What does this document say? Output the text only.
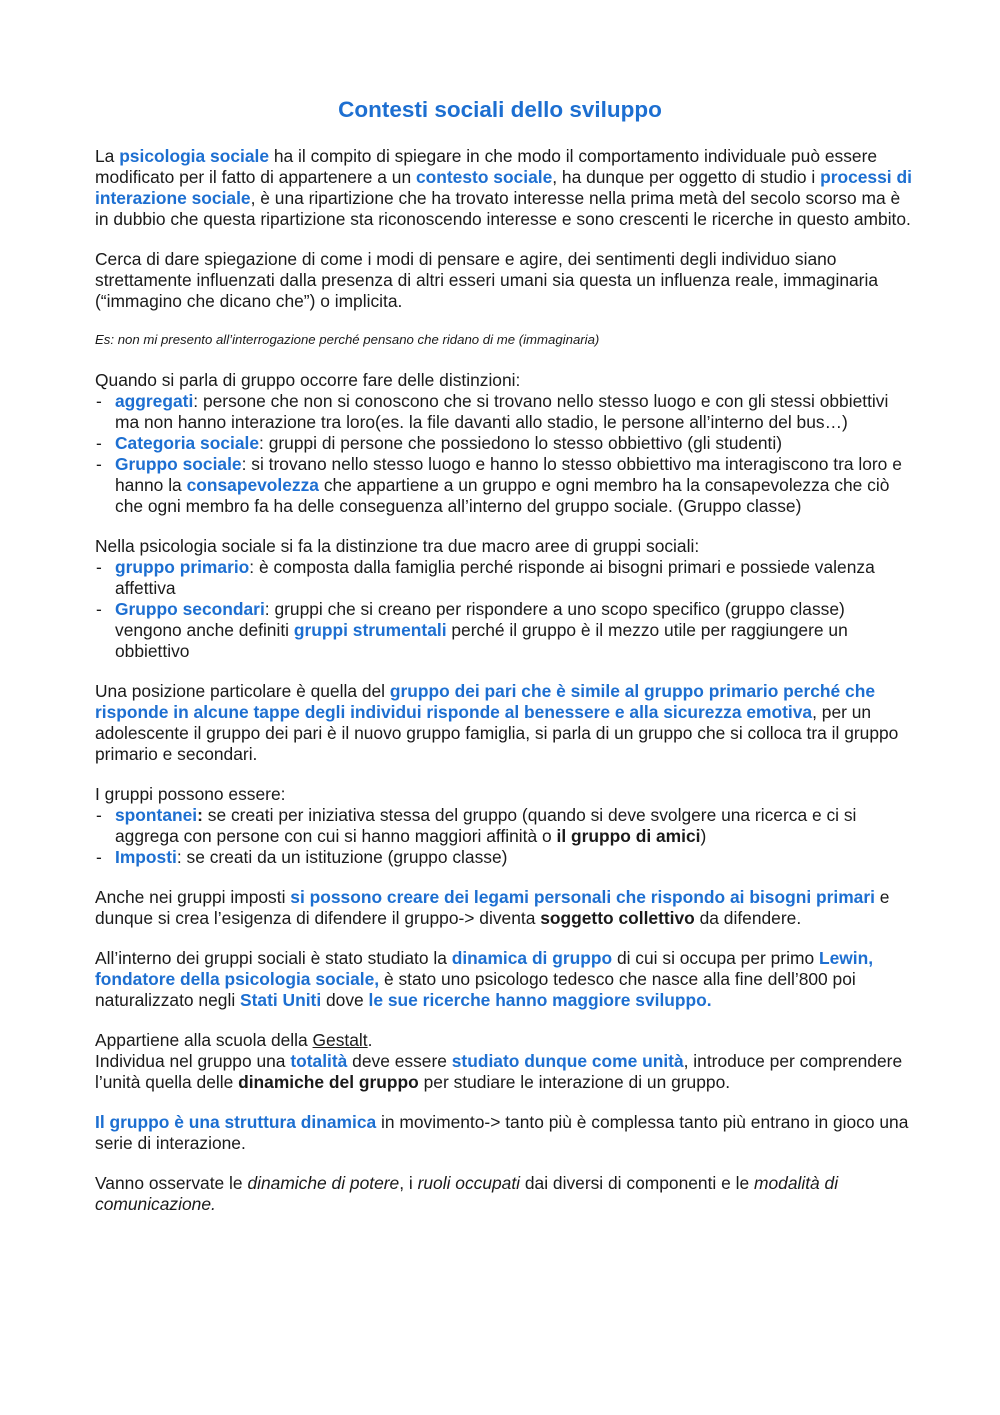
Contesti sociali dello sviluppo

La psicologia sociale ha il compito di spiegare in che modo il comportamento individuale può essere modificato per il fatto di appartenere a un contesto sociale, ha dunque per oggetto di studio i processi di interazione sociale, è una ripartizione che ha trovato interesse nella prima metà del secolo scorso ma è in dubbio che questa ripartizione sta riconoscendo interesse e sono crescenti le ricerche in questo ambito.

Cerca di dare spiegazione di come i modi di pensare e agire, dei sentimenti degli individuo siano strettamente influenzati dalla presenza di altri esseri umani sia questa un influenza reale, immaginaria (“immagino che dicano che”) o implicita.

Es: non mi presento all’interrogazione perché pensano che ridano di me (immaginaria)

Quando si parla di gruppo occorre fare delle distinzioni:

- aggregati: persone che non si conoscono che si trovano nello stesso luogo e con gli stessi obbiettivi ma non hanno interazione tra loro(es. la file davanti allo stadio, le persone all’interno del bus…)
- Categoria sociale: gruppi di persone che possiedono lo stesso obbiettivo (gli studenti)
- Gruppo sociale: si trovano nello stesso luogo e hanno lo stesso obbiettivo ma interagiscono tra loro e hanno la consapevolezza che appartiene a un gruppo e ogni membro ha la consapevolezza che ciò che ogni membro fa ha delle conseguenza all’interno del gruppo sociale. (Gruppo classe)

Nella psicologia sociale si fa la distinzione tra due macro aree di gruppi sociali:

- gruppo primario: è composta dalla famiglia perché risponde ai bisogni primari e possiede valenza affettiva
- Gruppo secondari: gruppi che si creano per rispondere a uno scopo specifico (gruppo classe) vengono anche definiti gruppi strumentali perché il gruppo è il mezzo utile per raggiungere un obbiettivo

Una posizione particolare è quella del gruppo dei pari che è simile al gruppo primario perché che risponde in alcune tappe degli individui risponde al benessere e alla sicurezza emotiva, per un adolescente il gruppo dei pari è il nuovo gruppo famiglia, si parla di un gruppo che si colloca tra il gruppo primario e secondari.

I gruppi possono essere:

- spontanei: se creati per iniziativa stessa del gruppo (quando si deve svolgere una ricerca e ci si aggrega con persone con cui si hanno maggiori affinità o il gruppo di amici)
- Imposti: se creati da un istituzione (gruppo classe)

Anche nei gruppi imposti si possono creare dei legami personali che rispondo ai bisogni primari e dunque si crea l’esigenza di difendere il gruppo-> diventa soggetto collettivo da difendere.

All’interno dei gruppi sociali è stato studiato la dinamica di gruppo di cui si occupa per primo Lewin, fondatore della psicologia sociale, è stato uno psicologo tedesco che nasce alla fine dell’800 poi naturalizzato negli Stati Uniti dove le sue ricerche hanno maggiore sviluppo.

Appartiene alla scuola della Gestalt.
Individua nel gruppo una totalità deve essere studiato dunque come unità, introduce per comprendere l’unità quella delle dinamiche del gruppo per studiare le interazione di un gruppo.

Il gruppo è una struttura dinamica in movimento-> tanto più è complessa tanto più entrano in gioco una serie di interazione.

Vanno osservate le dinamiche di potere, i ruoli occupati dai diversi di componenti e le modalità di comunicazione.
